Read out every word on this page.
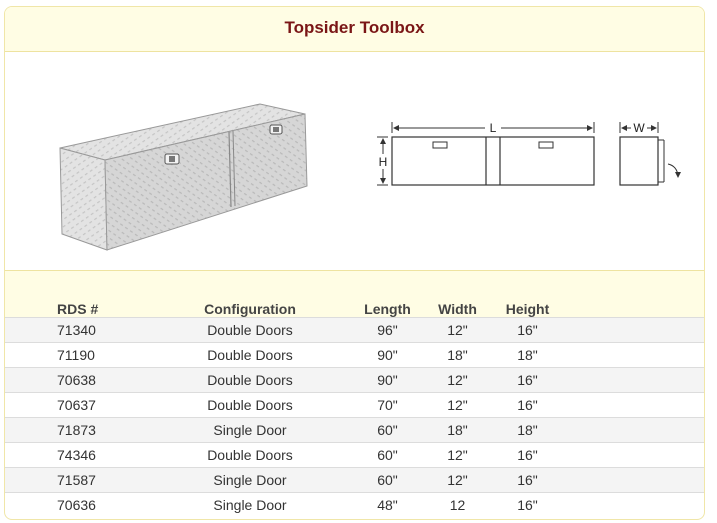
Topsider Toolbox
L
H
W
RDS #	Configuration	Length	Width	Height
71340	Double Doors	96"	12"	16"
71190	Double Doors	90"	18"	18"
70638	Double Doors	90"	12"	16"
70637	Double Doors	70"	12"	16"
71873	Single Door	60"	18"	18"
74346	Double Doors	60"	12"	16"
71587	Single Door	60"	12"	16"
70636	Single Door	48"	12	16"
